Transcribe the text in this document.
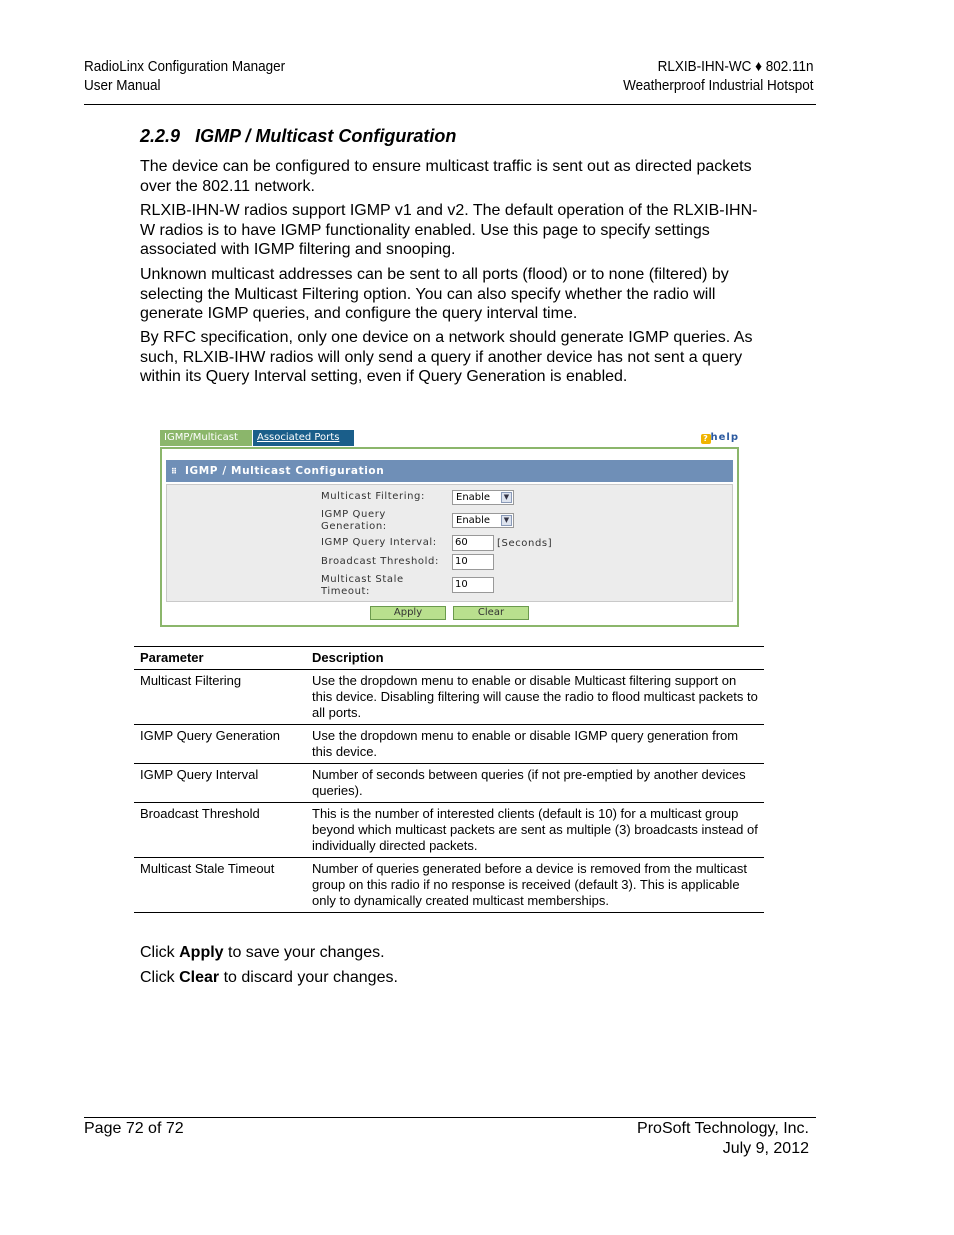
RadioLinx Configuration Manager
User Manual
RLXIB-IHN-WC ♦ 802.11n
Weatherproof Industrial Hotspot
2.2.9 IGMP / Multicast Configuration
The device can be configured to ensure multicast traffic is sent out as directed packets over the 802.11 network.
RLXIB-IHN-W radios support IGMP v1 and v2. The default operation of the RLXIB-IHN-W radios is to have IGMP functionality enabled. Use this page to specify settings associated with IGMP filtering and snooping.
Unknown multicast addresses can be sent to all ports (flood) or to none (filtered) by selecting the Multicast Filtering option. You can also specify whether the radio will generate IGMP queries, and configure the query interval time.
By RFC specification, only one device on a network should generate IGMP queries. As such, RLXIB-IHW radios will only send a query if another device has not sent a query within its Query Interval setting, even if Query Generation is enabled.
IGMP/Multicast	Associated Ports	? help
⠿ IGMP / Multicast Configuration
Multicast Filtering:	Enable	▼
IGMP Query
Generation:
Enable	▼
IGMP Query Interval:	60	[Seconds]
Broadcast Threshold:	10
Multicast Stale
Timeout:
10
Apply	Clear
Parameter	Description
Multicast Filtering	Use the dropdown menu to enable or disable Multicast filtering support on this device. Disabling filtering will cause the radio to flood multicast packets to all ports.
IGMP Query Generation	Use the dropdown menu to enable or disable IGMP query generation from this device.
IGMP Query Interval	Number of seconds between queries (if not pre-emptied by another devices queries).
Broadcast Threshold	This is the number of interested clients (default is 10) for a multicast group beyond which multicast packets are sent as multiple (3) broadcasts instead of individually directed packets.
Multicast Stale Timeout	Number of queries generated before a device is removed from the multicast group on this radio if no response is received (default 3). This is applicable only to dynamically created multicast memberships.
Click Apply to save your changes.
Click Clear to discard your changes.
Page 72 of 72	ProSoft Technology, Inc.
July 9, 2012
